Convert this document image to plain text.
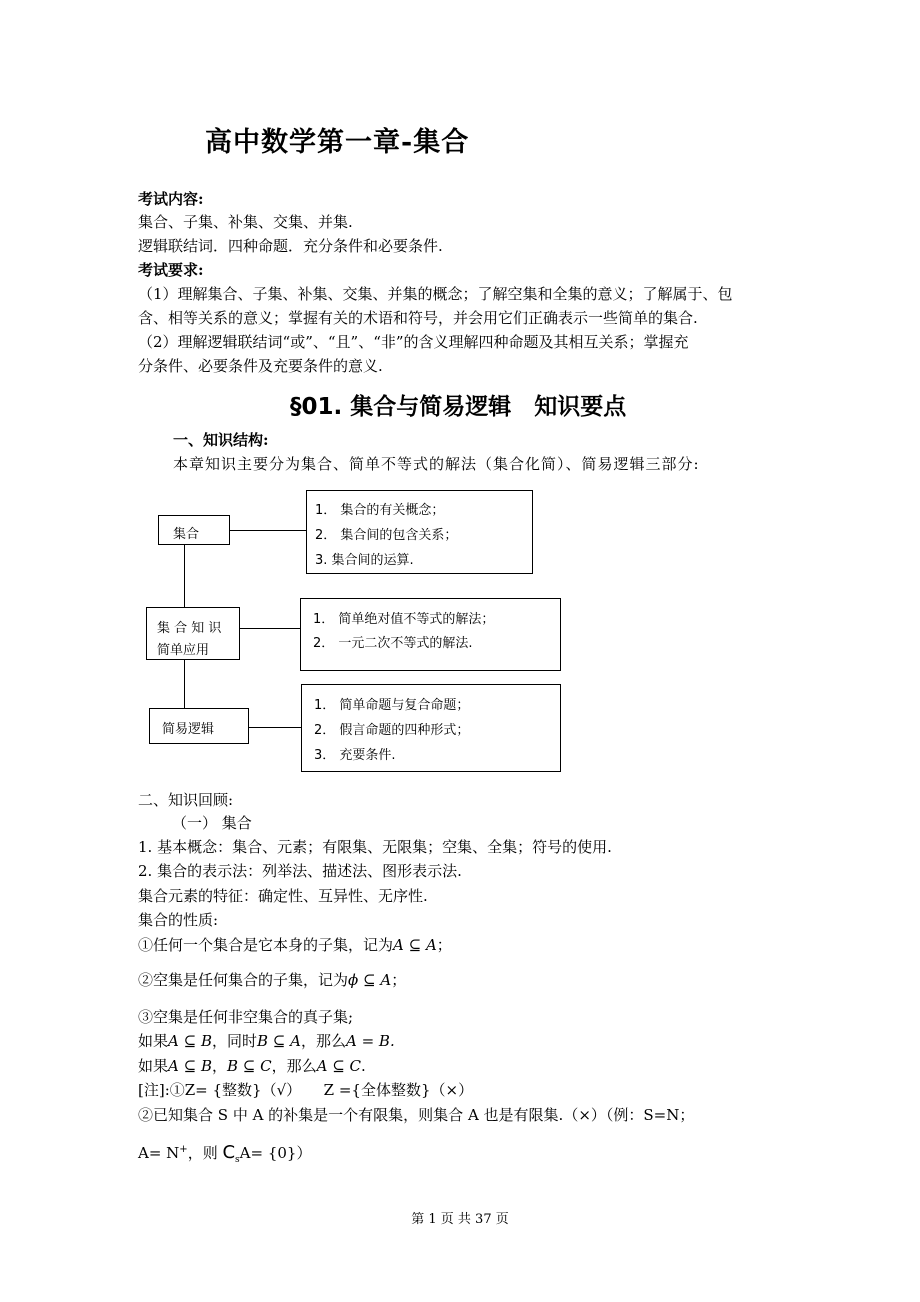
高中数学第一章-集合
考试内容:
集合、子集、补集、交集、并集.
逻辑联结词．四种命题．充分条件和必要条件.
考试要求:
（1）理解集合、子集、补集、交集、并集的概念；了解空集和全集的意义；了解属于、包
含、相等关系的意义；掌握有关的术语和符号，并会用它们正确表示一些简单的集合.
（2）理解逻辑联结词“或”、“且”、“非”的含义理解四种命题及其相互关系；掌握充
分条件、必要条件及充要条件的意义.
§01. 集合与简易逻辑　知识要点
一、知识结构:
本章知识主要分为集合、简单不等式的解法（集合化简）、简易逻辑三部分:
集合
集 合 知 识
简单应用
简易逻辑
1． 集合的有关概念；
2． 集合间的包含关系；
3. 集合间的运算.
1． 简单绝对值不等式的解法；
2． 一元二次不等式的解法.
1． 简单命题与复合命题；
2． 假言命题的四种形式；
3． 充要条件.
二、知识回顾:
（一） 集合
1. 基本概念：集合、元素；有限集、无限集；空集、全集；符号的使用.
2. 集合的表示法：列举法、描述法、图形表示法.
集合元素的特征：确定性、互异性、无序性.
集合的性质:
①任何一个集合是它本身的子集，记为A ⊆ A；
②空集是任何集合的子集，记为ϕ ⊆ A；
③空集是任何非空集合的真子集;
如果A ⊆ B，同时B ⊆ A，那么A = B.
如果A ⊆ B，B ⊆ C，那么A ⊆ C.
[注]:①Z= {整数}（√）　　Z ={全体整数}（×）
②已知集合 S 中 A 的补集是一个有限集，则集合 A 也是有限集.（×）（例：S=N；
A= N+，则 $C_sA= \{0\}$）
第 1 页 共 37 页
